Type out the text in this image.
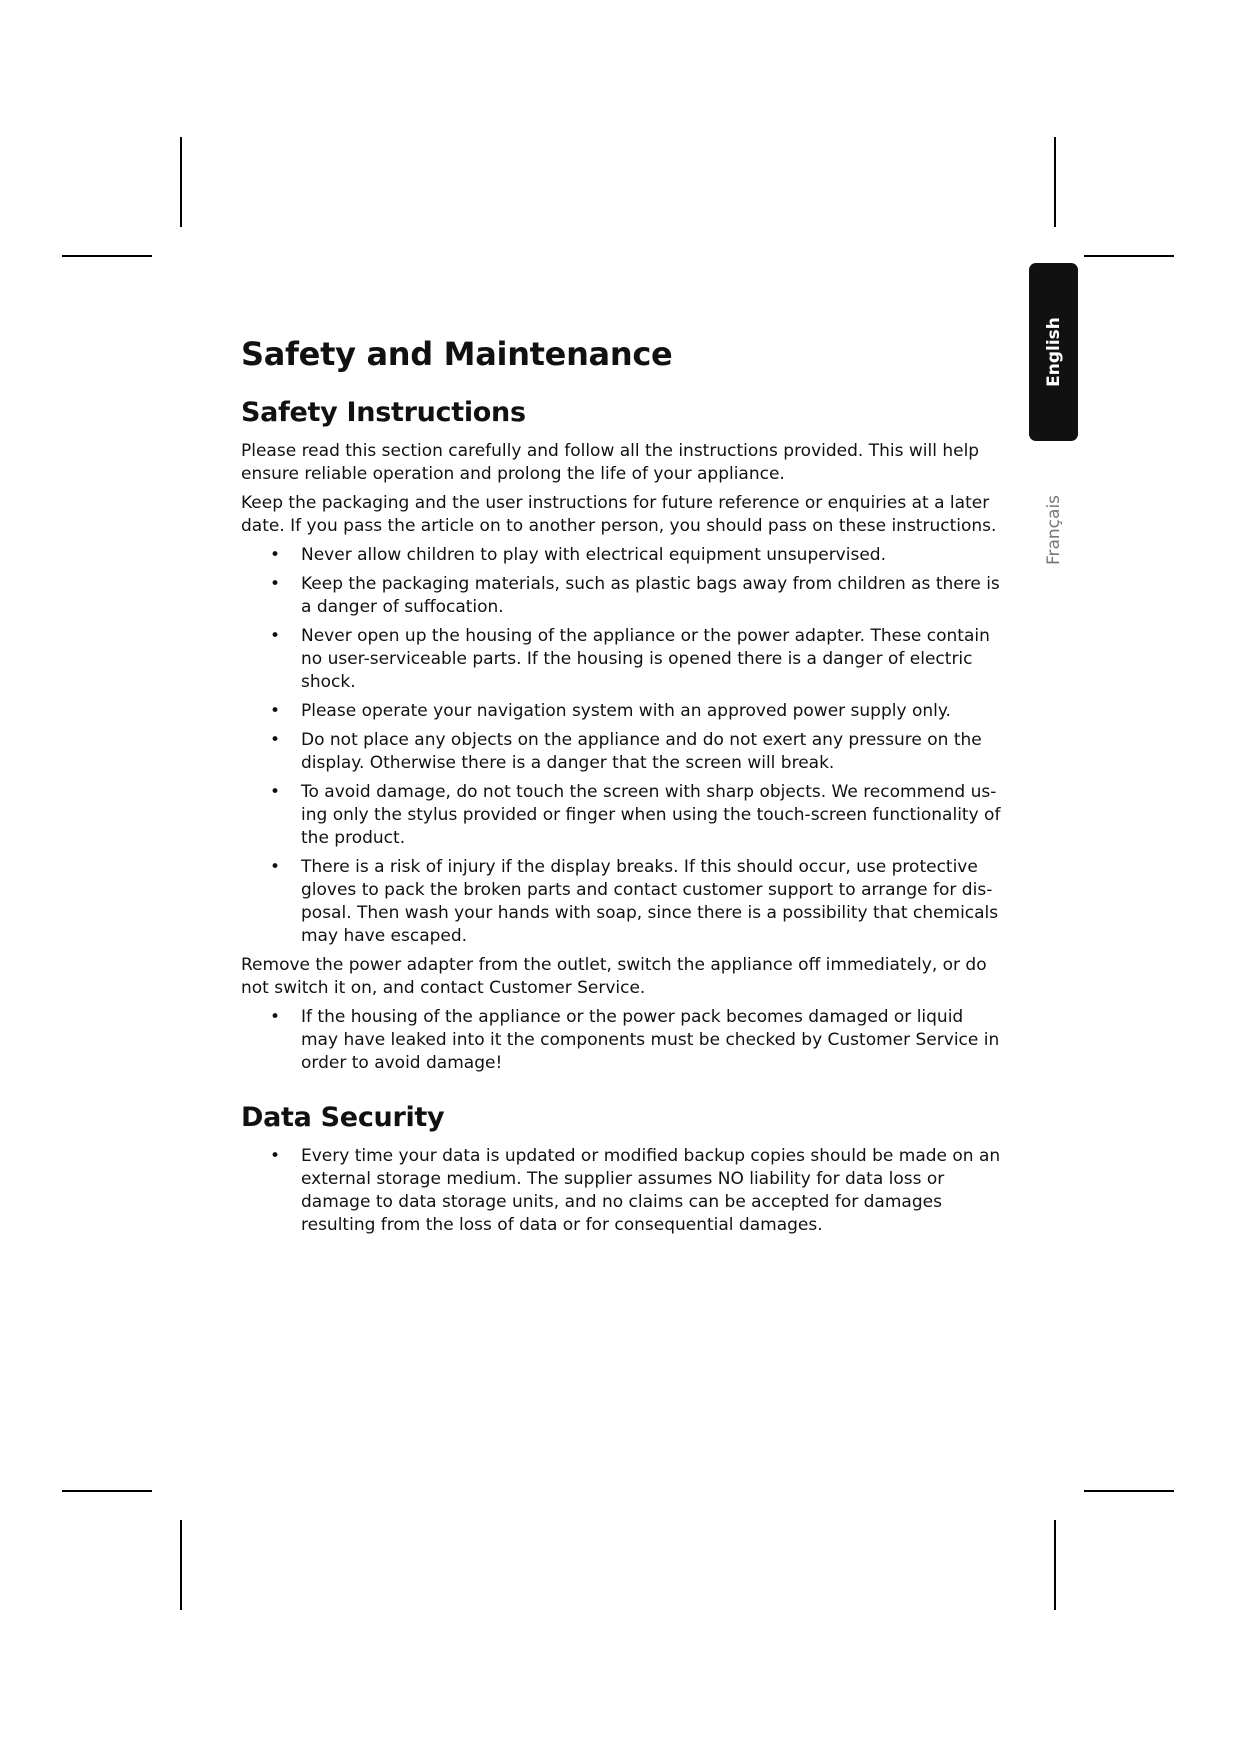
English
Français
Safety and Maintenance
Safety Instructions

Please read this section carefully and follow all the instructions provided. This will help ensure reliable operation and prolong the life of your appliance.

Keep the packaging and the user instructions for future reference or enquiries at a later date. If you pass the article on to another person, you should pass on these instructions.

• Never allow children to play with electrical equipment unsupervised.
• Keep the packaging materials, such as plastic bags away from children as there is a danger of suffocation.
• Never open up the housing of the appliance or the power adapter. These contain no user-serviceable parts. If the housing is opened there is a danger of electric shock.
• Please operate your navigation system with an approved power supply only.
• Do not place any objects on the appliance and do not exert any pressure on the display. Otherwise there is a danger that the screen will break.
• To avoid damage, do not touch the screen with sharp objects. We recommend using only the stylus provided or finger when using the touch-screen functionality of the product.
• There is a risk of injury if the display breaks. If this should occur, use protective gloves to pack the broken parts and contact customer support to arrange for disposal. Then wash your hands with soap, since there is a possibility that chemicals may have escaped.

Remove the power adapter from the outlet, switch the appliance off immediately, or do not switch it on, and contact Customer Service.

• If the housing of the appliance or the power pack becomes damaged or liquid may have leaked into it the components must be checked by Customer Service in order to avoid damage!
Data Security
• Every time your data is updated or modified backup copies should be made on an external storage medium. The supplier assumes NO liability for data loss or damage to data storage units, and no claims can be accepted for damages resulting from the loss of data or for consequential damages.
